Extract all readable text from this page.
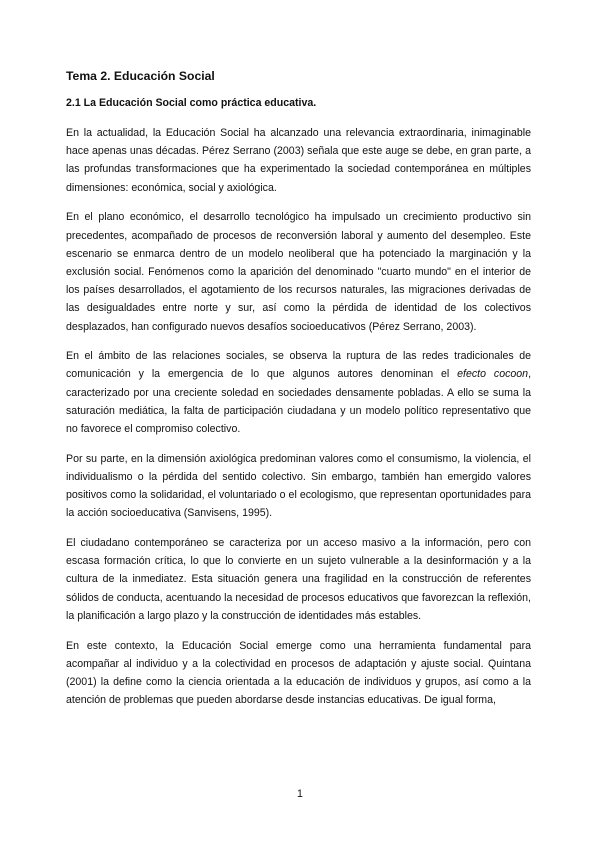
Tema 2. Educación Social
2.1 La Educación Social como práctica educativa.

En la actualidad, la Educación Social ha alcanzado una relevancia extraordinaria, inimaginable hace apenas unas décadas. Pérez Serrano (2003) señala que este auge se debe, en gran parte, a las profundas transformaciones que ha experimentado la sociedad contemporánea en múltiples dimensiones: económica, social y axiológica.

En el plano económico, el desarrollo tecnológico ha impulsado un crecimiento productivo sin precedentes, acompañado de procesos de reconversión laboral y aumento del desempleo. Este escenario se enmarca dentro de un modelo neoliberal que ha potenciado la marginación y la exclusión social. Fenómenos como la aparición del denominado "cuarto mundo" en el interior de los países desarrollados, el agotamiento de los recursos naturales, las migraciones derivadas de las desigualdades entre norte y sur, así como la pérdida de identidad de los colectivos desplazados, han configurado nuevos desafíos socioeducativos (Pérez Serrano, 2003).

En el ámbito de las relaciones sociales, se observa la ruptura de las redes tradicionales de comunicación y la emergencia de lo que algunos autores denominan el efecto cocoon, caracterizado por una creciente soledad en sociedades densamente pobladas. A ello se suma la saturación mediática, la falta de participación ciudadana y un modelo político representativo que no favorece el compromiso colectivo.

Por su parte, en la dimensión axiológica predominan valores como el consumismo, la violencia, el individualismo o la pérdida del sentido colectivo. Sin embargo, también han emergido valores positivos como la solidaridad, el voluntariado o el ecologismo, que representan oportunidades para la acción socioeducativa (Sanvisens, 1995).

El ciudadano contemporáneo se caracteriza por un acceso masivo a la información, pero con escasa formación crítica, lo que lo convierte en un sujeto vulnerable a la desinformación y a la cultura de la inmediatez. Esta situación genera una fragilidad en la construcción de referentes sólidos de conducta, acentuando la necesidad de procesos educativos que favorezcan la reflexión, la planificación a largo plazo y la construcción de identidades más estables.

En este contexto, la Educación Social emerge como una herramienta fundamental para acompañar al individuo y a la colectividad en procesos de adaptación y ajuste social. Quintana (2001) la define como la ciencia orientada a la educación de individuos y grupos, así como a la atención de problemas que pueden abordarse desde instancias educativas. De igual forma,

1
